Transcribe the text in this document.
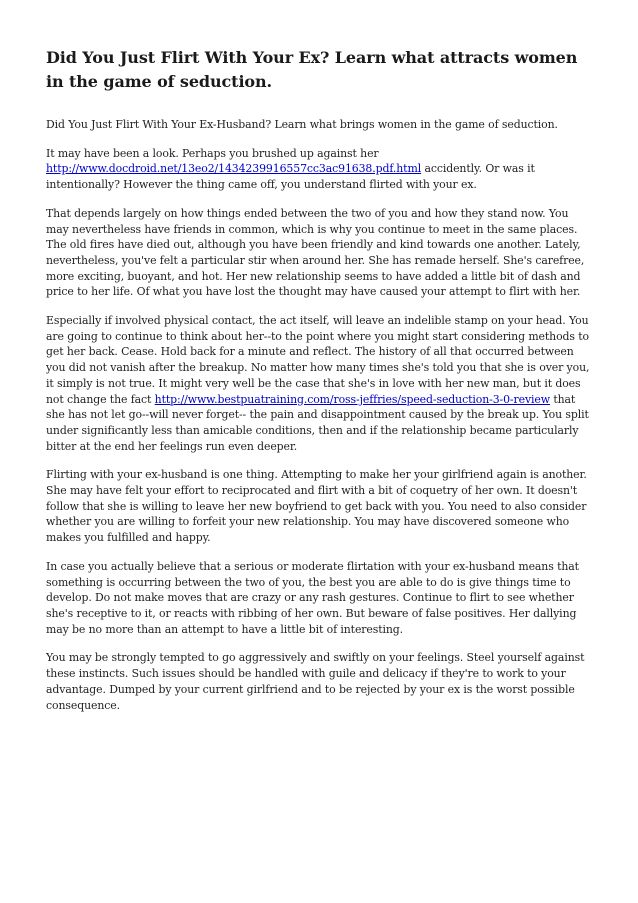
Did You Just Flirt With Your Ex? Learn what attracts women in the game of seduction.

Did You Just Flirt With Your Ex-Husband? Learn what brings women in the game of seduction.

It may have been a look. Perhaps you brushed up against her http://www.docdroid.net/13eo2/1434239916557cc3ac91638.pdf.html accidently. Or was it intentionally? However the thing came off, you understand flirted with your ex.

That depends largely on how things ended between the two of you and how they stand now. You may nevertheless have friends in common, which is why you continue to meet in the same places. The old fires have died out, although you have been friendly and kind towards one another. Lately, nevertheless, you've felt a particular stir when around her. She has remade herself. She's carefree, more exciting, buoyant, and hot. Her new relationship seems to have added a little bit of dash and price to her life. Of what you have lost the thought may have caused your attempt to flirt with her.

Especially if involved physical contact, the act itself, will leave an indelible stamp on your head. You are going to continue to think about her--to the point where you might start considering methods to get her back. Cease. Hold back for a minute and reflect. The history of all that occurred between you did not vanish after the breakup. No matter how many times she's told you that she is over you, it simply is not true. It might very well be the case that she's in love with her new man, but it does not change the fact http://www.bestpuatraining.com/ross-jeffries/speed-seduction-3-0-review that she has not let go--will never forget-- the pain and disappointment caused by the break up. You split under significantly less than amicable conditions, then and if the relationship became particularly bitter at the end her feelings run even deeper.

Flirting with your ex-husband is one thing. Attempting to make her your girlfriend again is another. She may have felt your effort to reciprocated and flirt with a bit of coquetry of her own. It doesn't follow that she is willing to leave her new boyfriend to get back with you. You need to also consider whether you are willing to forfeit your new relationship. You may have discovered someone who makes you fulfilled and happy.

In case you actually believe that a serious or moderate flirtation with your ex-husband means that something is occurring between the two of you, the best you are able to do is give things time to develop. Do not make moves that are crazy or any rash gestures. Continue to flirt to see whether she's receptive to it, or reacts with ribbing of her own. But beware of false positives. Her dallying may be no more than an attempt to have a little bit of interesting.

You may be strongly tempted to go aggressively and swiftly on your feelings. Steel yourself against these instincts. Such issues should be handled with guile and delicacy if they're to work to your advantage. Dumped by your current girlfriend and to be rejected by your ex is the worst possible consequence.
